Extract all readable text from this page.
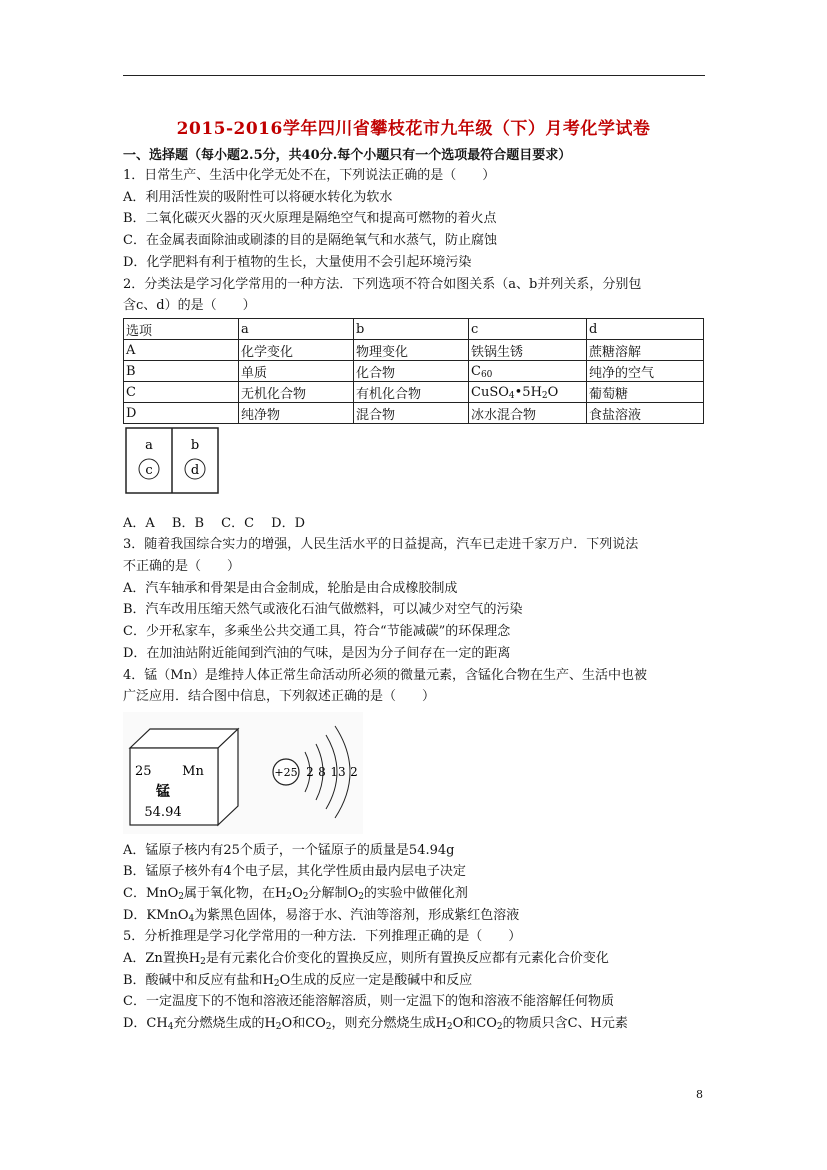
2015-2016学年四川省攀枝花市九年级（下）月考化学试卷
一、选择题（每小题2.5分，共40分.每个小题只有一个选项最符合题目要求）
1．日常生产、生活中化学无处不在，下列说法正确的是（　　）
A．利用活性炭的吸附性可以将硬水转化为软水
B．二氧化碳灭火器的灭火原理是隔绝空气和提高可燃物的着火点
C．在金属表面除油或刷漆的目的是隔绝氧气和水蒸气，防止腐蚀
D．化学肥料有利于植物的生长，大量使用不会引起环境污染
2．分类法是学习化学常用的一种方法．下列选项不符合如图关系（a、b并列关系，分别包
含c、d）的是（　　）
选项	a	b	c	d
A	化学变化	物理变化	铁锅生锈	蔗糖溶解
B	单质	化合物	$C_{60}$	纯净的空气
C	无机化合物	有机化合物	$CuSO_4•5H_2O$	葡萄糖
D	纯净物	混合物	冰水混合物	食盐溶液
a	b
c	d
A．A　 B．B　 C．C　 D．D
3．随着我国综合实力的增强，人民生活水平的日益提高，汽车已走进千家万户．下列说法
不正确的是（　　）
A．汽车轴承和骨架是由合金制成，轮胎是由合成橡胶制成
B．汽车改用压缩天然气或液化石油气做燃料，可以减少对空气的污染
C．少开私家车，多乘坐公共交通工具，符合“节能减碳”的环保理念
D．在加油站附近能闻到汽油的气味，是因为分子间存在一定的距离
4．锰（Mn）是维持人体正常生命活动所必须的微量元素，含锰化合物在生产、生活中也被
广泛应用．结合图中信息，下列叙述正确的是（　　）
25 Mn
锰
54.94
+25 2 8 13 2
A．锰原子核内有25个质子，一个锰原子的质量是54.94g
B．锰原子核外有4个电子层，其化学性质由最内层电子决定
C．MnO$_2$属于氧化物，在$H_2O_2$分解制$O_2$的实验中做催化剂
D．KMnO$_4$为紫黑色固体，易溶于水、汽油等溶剂，形成紫红色溶液
5．分析推理是学习化学常用的一种方法．下列推理正确的是（　　）
A．Zn置换$H_2$是有元素化合价变化的置换反应，则所有置换反应都有元素化合价变化
B．酸碱中和反应有盐和$H_2O$生成的反应一定是酸碱中和反应
C．一定温度下的不饱和溶液还能溶解溶质，则一定温下的饱和溶液不能溶解任何物质
D．$CH_4$充分燃烧生成的$H_2O$和$CO_2$，则充分燃烧生成$H_2O$和$CO_2$的物质只含C、H元素
8
